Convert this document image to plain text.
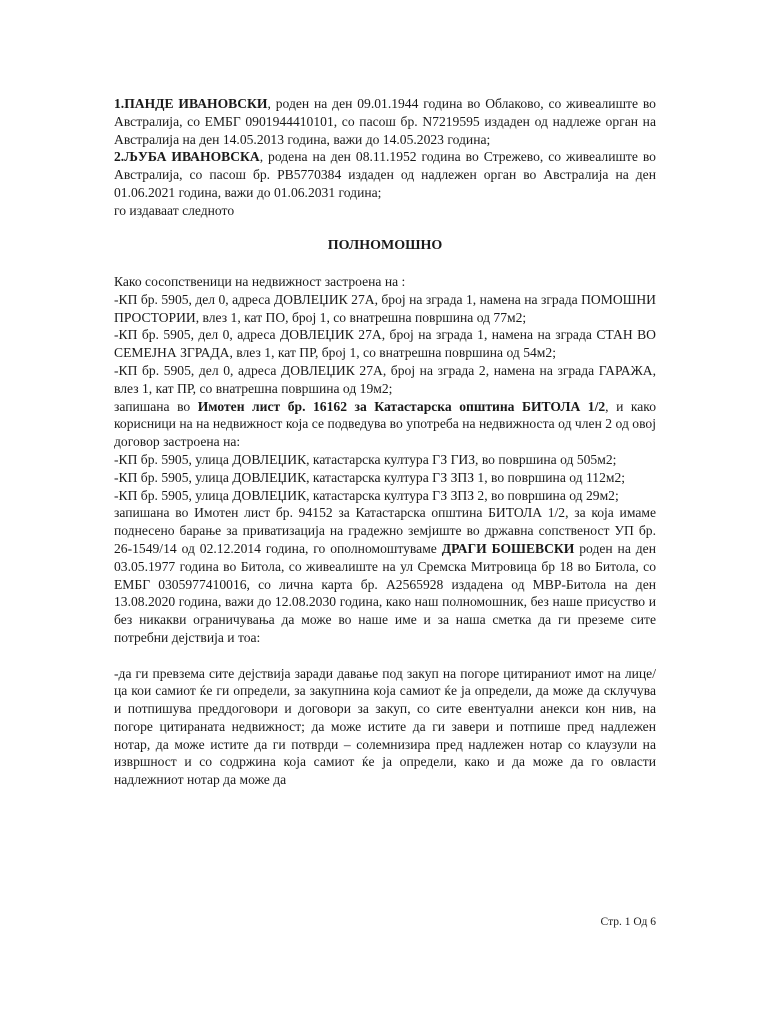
1.ПАНДЕ ИВАНОВСКИ, роден на ден 09.01.1944 година во Облаково, со живеалиште во Австралија, со ЕМБГ 0901944410101, со пасош бр. N7219595 издаден од надлеже орган на Австралија на ден 14.05.2013 година, важи до 14.05.2023 година;

2.ЉУБА ИВАНОВСКА, родена на ден 08.11.1952 година во Стрежево, со живеалиште во Австралија, со пасош бр. PB5770384 издаден од надлежен орган во Австралија на ден 01.06.2021 година, важи до 01.06.2031 година;

го издаваат следното

ПОЛНОМОШНО

Како сосопственици на недвижност застроена на :

-КП бр. 5905, дел 0, адреса ДОВЛЕЏИК 27А, број на зграда 1, намена на зграда ПОМОШНИ ПРОСТОРИИ, влез 1, кат ПО, број 1, со внатрешна површина од 77м2;

-КП бр. 5905, дел 0, адреса ДОВЛЕЏИК 27А, број на зграда 1, намена на зграда СТАН ВО СЕМЕЈНА ЗГРАДА, влез 1, кат ПР, број 1, со внатрешна површина од 54м2;

-КП бр. 5905, дел 0, адреса ДОВЛЕЏИК 27А, број на зграда 2, намена на зграда ГАРАЖА, влез 1, кат ПР, со внатрешна површина од 19м2;

запишана во Имотен лист бр. 16162 за Катастарска општина БИТОЛА 1/2, и како корисници на на недвижност која се подведува во употреба на недвижноста од член 2 од овој договор застроена на:

-КП бр. 5905, улица ДОВЛЕЏИК, катастарска култура ГЗ ГИЗ, во површина од 505м2;

-КП бр. 5905, улица ДОВЛЕЏИК, катастарска култура ГЗ ЗПЗ 1, во површина од 112м2;

-КП бр. 5905, улица ДОВЛЕЏИК, катастарска култура ГЗ ЗПЗ 2, во површина од 29м2;

запишана во Имотен лист бр. 94152 за Катастарска општина БИТОЛА 1/2, за која имаме поднесено барање за приватизација на градежно земјиште во државна сопственост УП бр. 26-1549/14 од 02.12.2014 година, го ополномоштуваме ДРАГИ БОШЕВСКИ роден на ден 03.05.1977 година во Битола, со живеалиште на ул Сремска Митровица бр 18 во Битола, со ЕМБГ 0305977410016, со лична карта бр. А2565928 издадена од МВР-Битола на ден 13.08.2020 година, важи до 12.08.2030 година, како наш полномошник, без наше присуство и без никакви ограничувања да може во наше име и за наша сметка да ги преземе сите потребни дејствија и тоа:

-да ги превзема сите дејствија заради давање под закуп на погоре цитираниот имот на лице/ца кои самиот ќе ги определи, за закупнина која самиот ќе ја определи, да може да склучува и потпишува преддоговори и договори за закуп, со сите евентуални анекси кон нив, на погоре цитираната недвижност; да може истите да ги завери и потпише пред надлежен нотар, да може истите да ги потврди – солемнизира пред надлежен нотар со клаузули на извршност и со содржина која самиот ќе ја определи, како и да може да го овласти надлежниот нотар да може да

Стр. 1 Од 6
